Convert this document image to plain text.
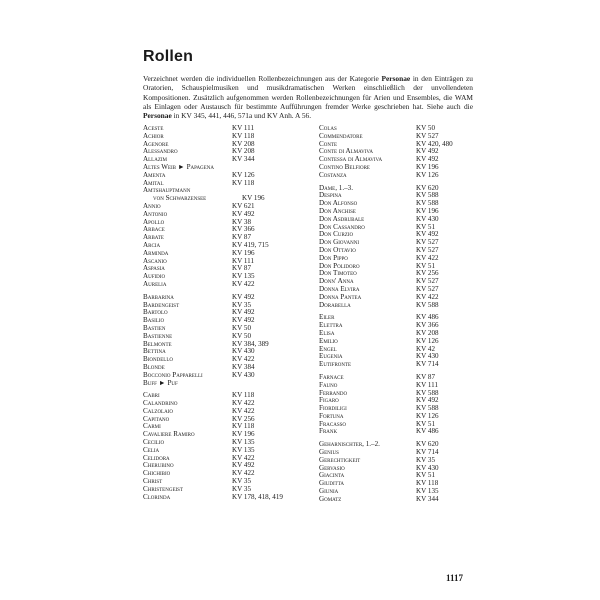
Rollen
Verzeichnet werden die individuellen Rollenbezeichnungen aus der Kategorie Personae in den Einträgen zu Oratorien, Schauspielmusiken und musikdramatischen Werken einschließlich der unvollendeten Kompositionen. Zusätzlich aufgenommen werden Rollenbezeichnungen für Arien und Ensembles, die WAM als Einlagen oder Austausch für bestimmte Aufführungen fremder Werke geschrieben hat. Siehe auch die Personae in KV 345, 441, 446, 571a und KV Anh. A 56.
Aceste	KV 111
Achior	KV 118
Agenore	KV 208
Alessandro	KV 208
Allazim	KV 344
Altes Weib ► Papagena
Amenta	KV 126
Amital	KV 118
Amtshauptmann
von Schwarzensee	KV 196
Annio	KV 621
Antonio	KV 492
Apollo	KV 38
Arbace	KV 366
Arbate	KV 87
Arcia	KV 419, 715
Arminda	KV 196
Ascanio	KV 111
Aspasia	KV 87
Aufidio	KV 135
Aurelia	KV 422
Barbarina	KV 492
Bardengeist	KV 35
Bartolo	KV 492
Basilio	KV 492
Bastien	KV 50
Bastienne	KV 50
Belmonte	KV 384, 389
Bettina	KV 430
Biondello	KV 422
Blonde	KV 384
Bocconio Papparelli	KV 430
Buff ► Puf
Cabri	KV 118
Calandrino	KV 422
Calzolaio	KV 422
Capitano	KV 256
Carmi	KV 118
Cavaliere Ramiro	KV 196
Cecilio	KV 135
Celia	KV 135
Celidora	KV 422
Cherubino	KV 492
Chichibio	KV 422
Christ	KV 35
Christengeist	KV 35
Clorinda	KV 178, 418, 419
Colas	KV 50
Commendatore	KV 527
Conte	KV 420, 480
Conte di Almaviva	KV 492
Contessa di Almaviva	KV 492
Contino Belfiore	KV 196
Costanza	KV 126
Dame, 1.–3.	KV 620
Despina	KV 588
Don Alfonso	KV 588
Don Anchise	KV 196
Don Asdrubale	KV 430
Don Cassandro	KV 51
Don Curzio	KV 492
Don Giovanni	KV 527
Don Ottavio	KV 527
Don Pippo	KV 422
Don Polidoro	KV 51
Don Timoteo	KV 256
Donn' Anna	KV 527
Donna Elvira	KV 527
Donna Pantea	KV 422
Dorabella	KV 588
Eiler	KV 486
Elettra	KV 366
Elisa	KV 208
Emilio	KV 126
Engel	KV 42
Eugenia	KV 430
Eutifronte	KV 714
Farnace	KV 87
Fauno	KV 111
Ferrando	KV 588
Figaro	KV 492
Fiordiligi	KV 588
Fortuna	KV 126
Fracasso	KV 51
Frank	KV 486
Geharnischter, 1.–2.	KV 620
Genius	KV 714
Gerechtigkeit	KV 35
Gervasio	KV 430
Giacinta	KV 51
Giuditta	KV 118
Giunia	KV 135
Gomatz	KV 344
1117
